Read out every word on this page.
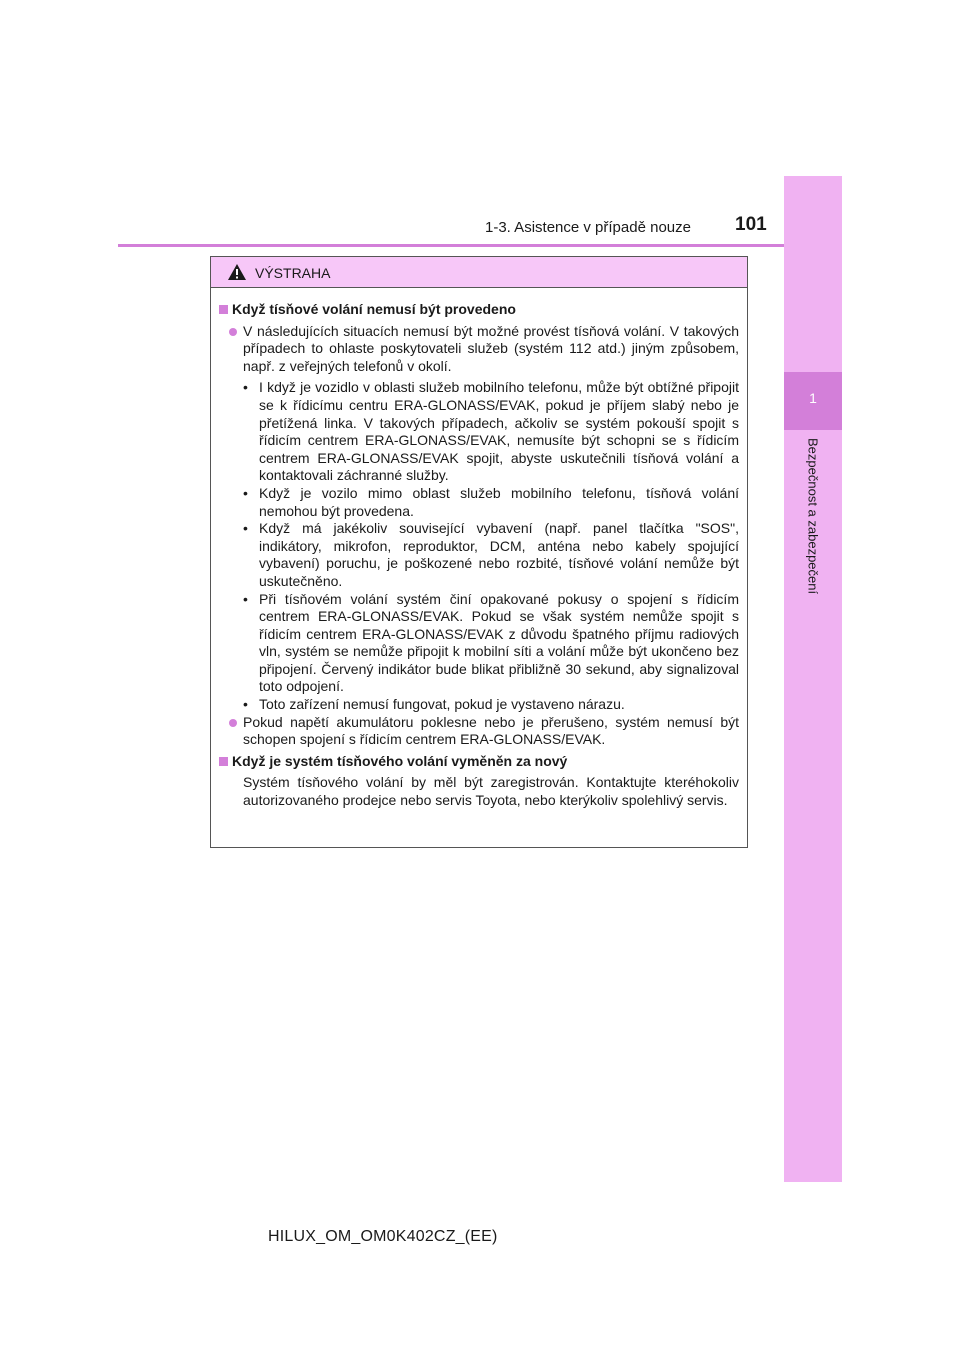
1-3. Asistence v případě nouze	101
1
Bezpečnost a zabezpečení
VÝSTRAHA
Když tísňové volání nemusí být provedeno
V následujících situacích nemusí být možné provést tísňová volání. V takových případech to ohlaste poskytovateli služeb (systém 112 atd.) jiným způsobem, např. z veřejných telefonů v okolí.
• I když je vozidlo v oblasti služeb mobilního telefonu, může být obtížné připojit se k řídicímu centru ERA-GLONASS/EVAK, pokud je příjem slabý nebo je přetížená linka. V takových případech, ačkoliv se systém pokouší spojit s řídicím centrem ERA-GLONASS/EVAK, nemusíte být schopni se s řídicím centrem ERA-GLONASS/EVAK spojit, abyste uskutečnili tísňová volání a kontaktovali záchranné služby.
• Když je vozilo mimo oblast služeb mobilního telefonu, tísňová volání nemohou být provedena.
• Když má jakékoliv související vybavení (např. panel tlačítka "SOS", indikátory, mikrofon, reproduktor, DCM, anténa nebo kabely spojující vybavení) poruchu, je poškozené nebo rozbité, tísňové volání nemůže být uskutečněno.
• Při tísňovém volání systém činí opakované pokusy o spojení s řídicím centrem ERA-GLONASS/EVAK. Pokud se však systém nemůže spojit s řídicím centrem ERA-GLONASS/EVAK z důvodu špatného příjmu radiových vln, systém se nemůže připojit k mobilní síti a volání může být ukončeno bez připojení. Červený indikátor bude blikat přibližně 30 sekund, aby signalizoval toto odpojení.
• Toto zařízení nemusí fungovat, pokud je vystaveno nárazu.
Pokud napětí akumulátoru poklesne nebo je přerušeno, systém nemusí být schopen spojení s řídicím centrem ERA-GLONASS/EVAK.
Když je systém tísňového volání vyměněn za nový
Systém tísňového volání by měl být zaregistrován. Kontaktujte kteréhokoliv autorizovaného prodejce nebo servis Toyota, nebo kterýkoliv spolehlivý servis.
HILUX_OM_OM0K402CZ_(EE)
